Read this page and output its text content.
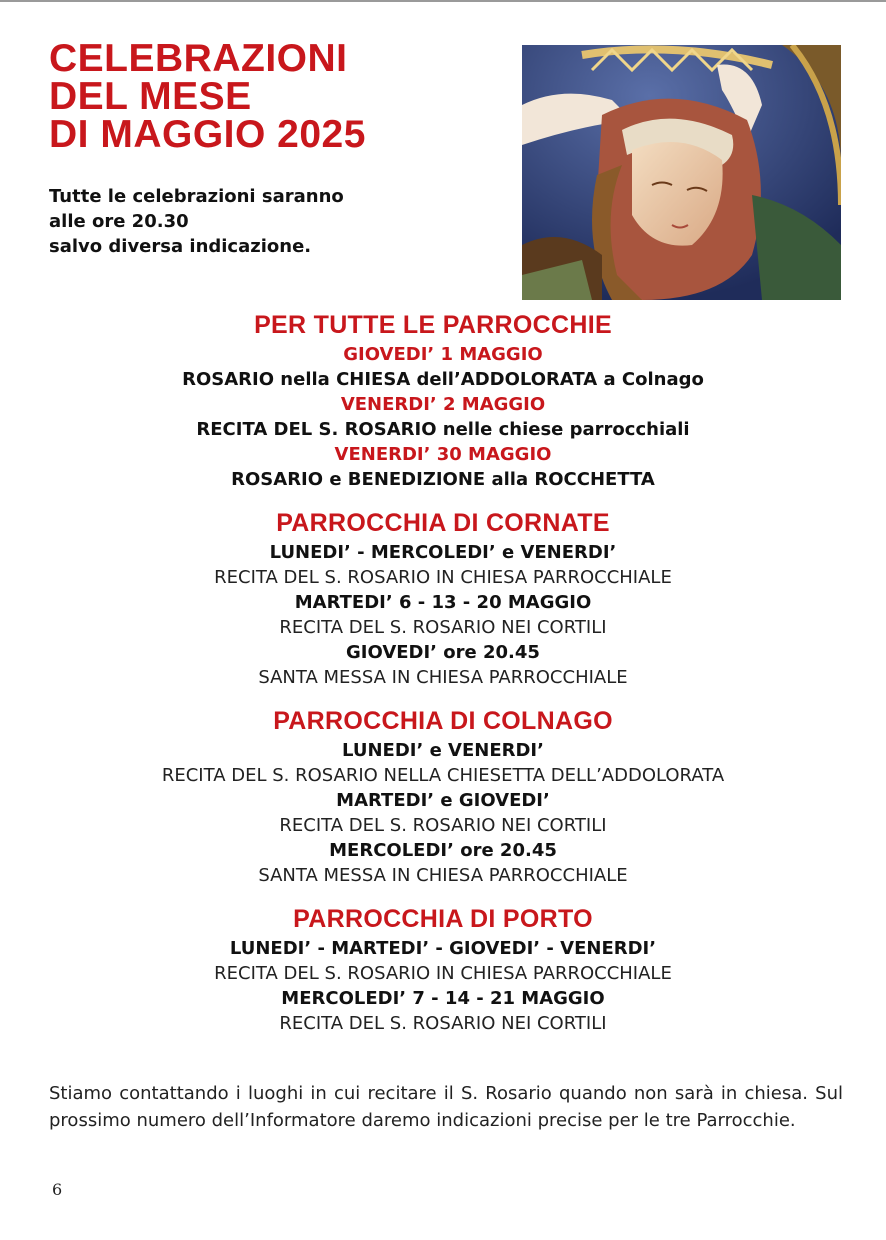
CELEBRAZIONI
DEL MESE
DI MAGGIO 2025
Tutte le celebrazioni saranno
alle ore 20.30
salvo diversa indicazione.
PER TUTTE LE PARROCCHIE
GIOVEDI’ 1 MAGGIO
ROSARIO nella CHIESA dell’ADDOLORATA a Colnago
VENERDI’ 2 MAGGIO
RECITA DEL S. ROSARIO nelle chiese parrocchiali
VENERDI’ 30 MAGGIO
ROSARIO e BENEDIZIONE alla ROCCHETTA
PARROCCHIA DI CORNATE
LUNEDI’ - MERCOLEDI’ e VENERDI’
RECITA DEL S. ROSARIO IN CHIESA PARROCCHIALE
MARTEDI’ 6 - 13 - 20 MAGGIO
RECITA DEL S. ROSARIO NEI CORTILI
GIOVEDI’ ore 20.45
SANTA MESSA IN CHIESA PARROCCHIALE
PARROCCHIA DI COLNAGO
LUNEDI’ e VENERDI’
RECITA DEL S. ROSARIO NELLA CHIESETTA DELL’ADDOLORATA
MARTEDI’ e GIOVEDI’
RECITA DEL S. ROSARIO NEI CORTILI
MERCOLEDI’ ore 20.45
SANTA MESSA IN CHIESA PARROCCHIALE
PARROCCHIA DI PORTO
LUNEDI’ - MARTEDI’ - GIOVEDI’ - VENERDI’
RECITA DEL S. ROSARIO IN CHIESA PARROCCHIALE
MERCOLEDI’ 7 - 14 - 21 MAGGIO
RECITA DEL S. ROSARIO NEI CORTILI

Stiamo contattando i luoghi in cui recitare il S. Rosario quando non sarà in chiesa. Sul prossimo numero dell’Informatore daremo indicazioni precise per le tre Parrocchie.

6
